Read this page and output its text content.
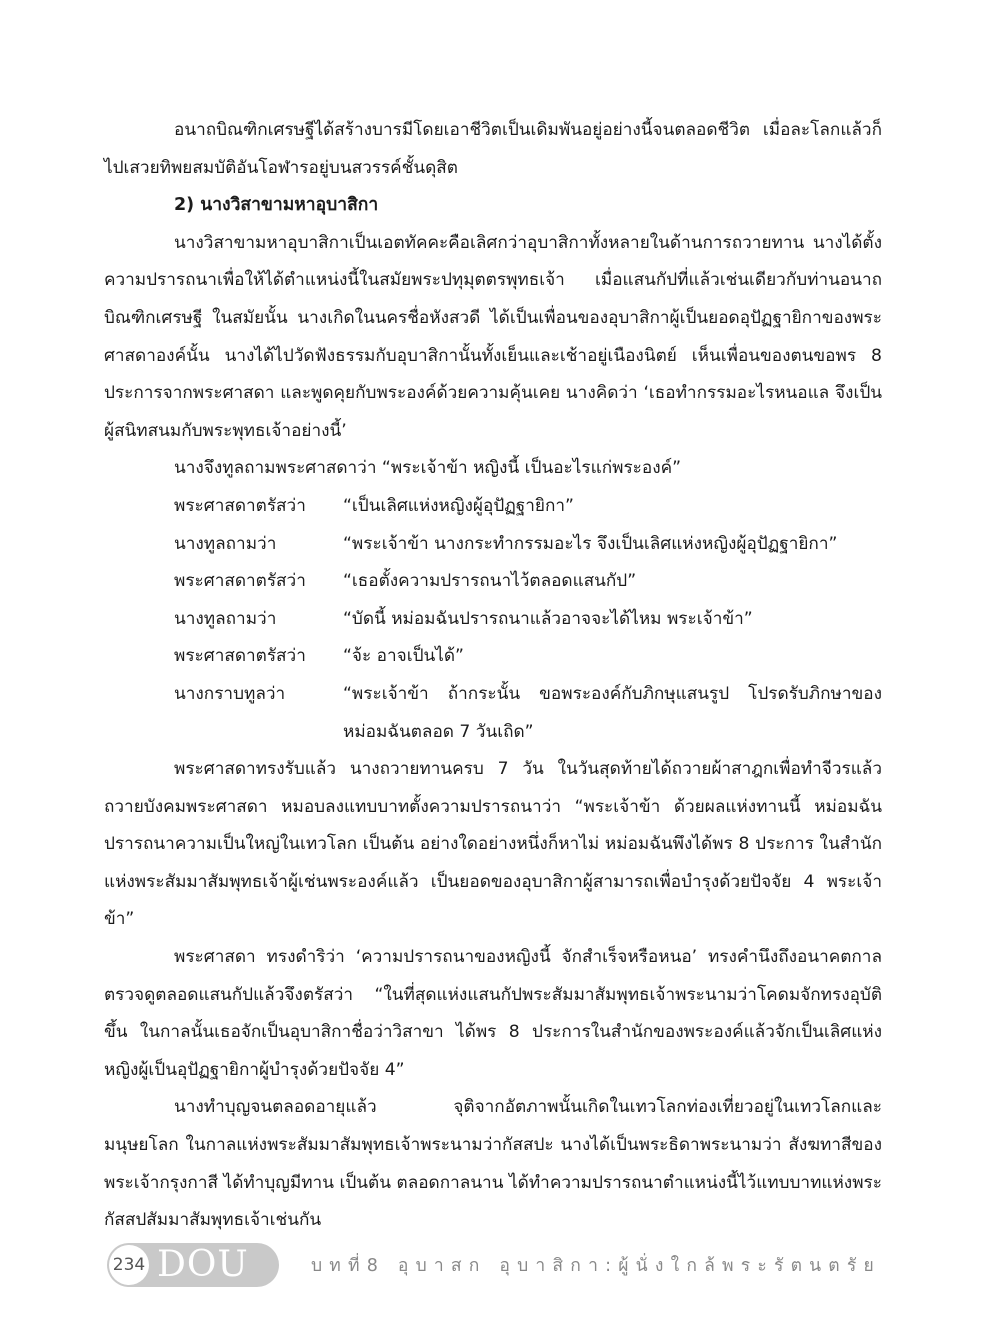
อนาถบิณฑิกเศรษฐีได้สร้างบารมีโดยเอาชีวิตเป็นเดิมพันอยู่อย่างนี้จนตลอดชีวิต เมื่อละโลกแล้วก็ไปเสวยทิพยสมบัติอันโอฬารอยู่บนสวรรค์ชั้นดุสิต

2) นางวิสาขามหาอุบาสิกา

นางวิสาขามหาอุบาสิกาเป็นเอตทัคคะคือเลิศกว่าอุบาสิกาทั้งหลายในด้านการถวายทาน นางได้ตั้งความปรารถนาเพื่อให้ได้ตำแหน่งนี้ในสมัยพระปทุมุตตรพุทธเจ้า เมื่อแสนกัปที่แล้วเช่นเดียวกับท่านอนาถบิณฑิกเศรษฐี ในสมัยนั้น นางเกิดในนครชื่อหังสวดี ได้เป็นเพื่อนของอุบาสิกาผู้เป็นยอดอุปัฏฐายิกาของพระศาสดาองค์นั้น นางได้ไปวัดฟังธรรมกับอุบาสิกานั้นทั้งเย็นและเช้าอยู่เนืองนิตย์ เห็นเพื่อนของตนขอพร 8 ประการจากพระศาสดา และพูดคุยกับพระองค์ด้วยความคุ้นเคย นางคิดว่า ‘เธอทำกรรมอะไรหนอแล จึงเป็นผู้สนิทสนมกับพระพุทธเจ้าอย่างนี้’

นางจึงทูลถามพระศาสดาว่า “พระเจ้าข้า หญิงนี้ เป็นอะไรแก่พระองค์”

พระศาสดาตรัสว่า	“เป็นเลิศแห่งหญิงผู้อุปัฏฐายิกา”
นางทูลถามว่า	“พระเจ้าข้า นางกระทำกรรมอะไร จึงเป็นเลิศแห่งหญิงผู้อุปัฏฐายิกา”
พระศาสดาตรัสว่า	“เธอตั้งความปรารถนาไว้ตลอดแสนกัป”
นางทูลถามว่า	“บัดนี้ หม่อมฉันปรารถนาแล้วอาจจะได้ไหม พระเจ้าข้า”
พระศาสดาตรัสว่า	“จ้ะ อาจเป็นได้”
นางกราบทูลว่า	“พระเจ้าข้า ถ้ากระนั้น ขอพระองค์กับภิกษุแสนรูป โปรดรับภิกษาของหม่อมฉันตลอด 7 วันเถิด”

พระศาสดาทรงรับแล้ว นางถวายทานครบ 7 วัน ในวันสุดท้ายได้ถวายผ้าสาฎกเพื่อทำจีวรแล้วถวายบังคมพระศาสดา หมอบลงแทบบาทตั้งความปรารถนาว่า “พระเจ้าข้า ด้วยผลแห่งทานนี้ หม่อมฉันปรารถนาความเป็นใหญ่ในเทวโลก เป็นต้น อย่างใดอย่างหนึ่งก็หาไม่ หม่อมฉันพึงได้พร 8 ประการ ในสำนักแห่งพระสัมมาสัมพุทธเจ้าผู้เช่นพระองค์แล้ว เป็นยอดของอุบาสิกาผู้สามารถเพื่อบำรุงด้วยปัจจัย 4 พระเจ้าข้า”

พระศาสดา ทรงดำริว่า ‘ความปรารถนาของหญิงนี้ จักสำเร็จหรือหนอ’ ทรงคำนึงถึงอนาคตกาลตรวจดูตลอดแสนกัปแล้วจึงตรัสว่า “ในที่สุดแห่งแสนกัปพระสัมมาสัมพุทธเจ้าพระนามว่าโคดมจักทรงอุบัติขึ้น ในกาลนั้นเธอจักเป็นอุบาสิกาชื่อว่าวิสาขา ได้พร 8 ประการในสำนักของพระองค์แล้วจักเป็นเลิศแห่งหญิงผู้เป็นอุปัฏฐายิกาผู้บำรุงด้วยปัจจัย 4”

นางทำบุญจนตลอดอายุแล้ว จุติจากอัตภาพนั้นเกิดในเทวโลกท่องเที่ยวอยู่ในเทวโลกและมนุษยโลก ในกาลแห่งพระสัมมาสัมพุทธเจ้าพระนามว่ากัสสปะ นางได้เป็นพระธิดาพระนามว่า สังฆทาสีของพระเจ้ากรุงกาสี ได้ทำบุญมีทาน เป็นต้น ตลอดกาลนาน ได้ทำความปรารถนาตำแหน่งนี้ไว้แทบบาทแห่งพระกัสสปสัมมาสัมพุทธเจ้าเช่นกัน

234 DOU	บทที่8 อุบาสก อุบาสิกา:ผู้นั่งใกล้พระรัตนตรัย
